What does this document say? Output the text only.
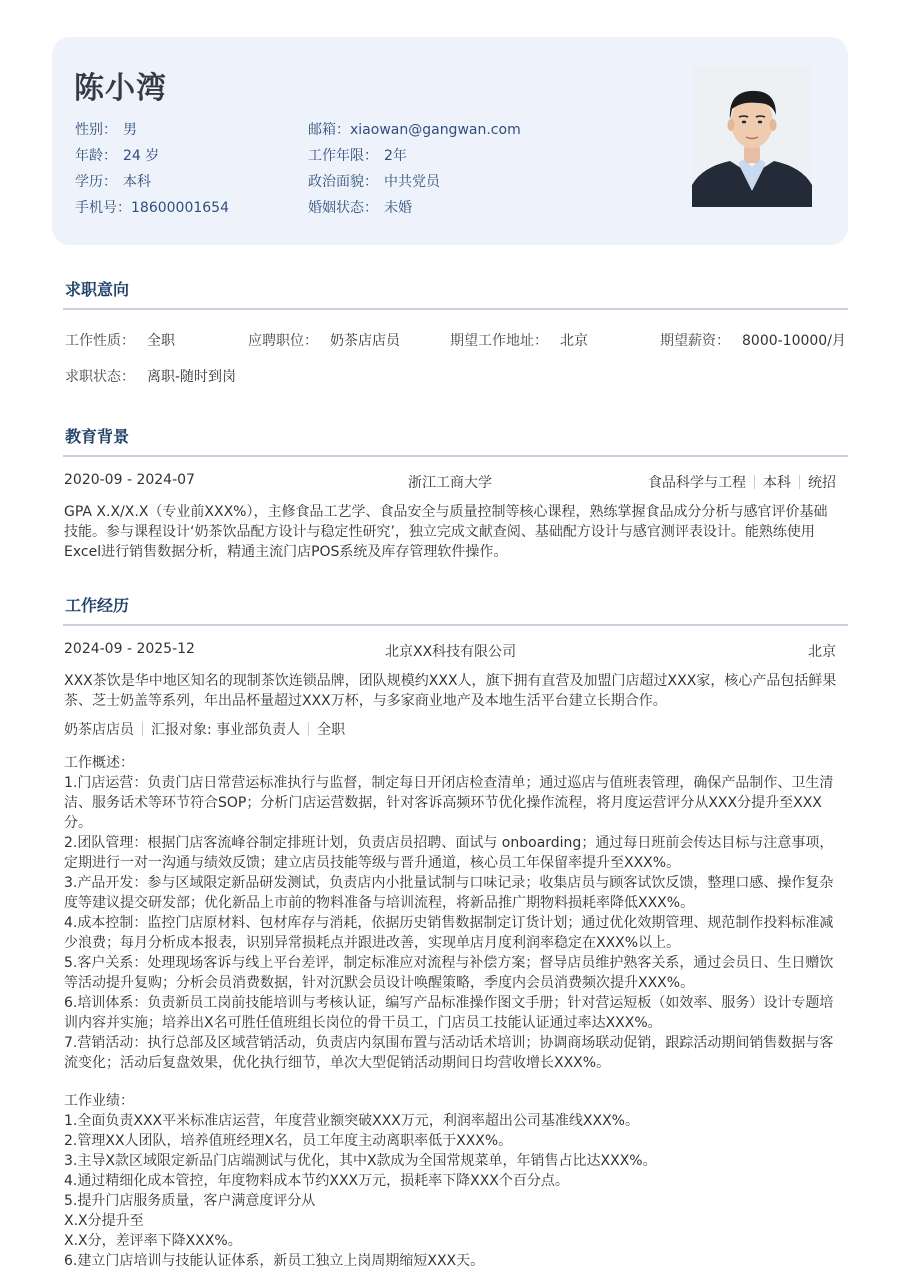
陈小湾
性别： 男
年龄： 24 岁
学历： 本科
手机号：18600001654
邮箱：xiaowan@gangwan.com
工作年限： 2年
政治面貌： 中共党员
婚姻状态： 未婚
求职意向
工作性质： 全职	应聘职位： 奶茶店店员	期望工作地址： 北京	期望薪资： 8000-10000/月
求职状态： 离职-随时到岗
教育背景
2020-09 - 2024-07	浙江工商大学	食品科学与工程 本科 统招
GPA X.X/X.X（专业前XXX%），主修食品工艺学、食品安全与质量控制等核心课程，熟练掌握食品成分分析与感官评价基础
技能。参与课程设计‘奶茶饮品配方设计与稳定性研究’，独立完成文献查阅、基础配方设计与感官测评表设计。能熟练使用
Excel进行销售数据分析，精通主流门店POS系统及库存管理软件操作。
工作经历
2024-09 - 2025-12	北京XX科技有限公司	北京
XXX茶饮是华中地区知名的现制茶饮连锁品牌，团队规模约XXX人，旗下拥有直营及加盟门店超过XXX家，核心产品包括鲜果
茶、芝士奶盖等系列，年出品杯量超过XXX万杯，与多家商业地产及本地生活平台建立长期合作。
奶茶店店员 汇报对象: 事业部负责人 全职
工作概述：
1.门店运营：负责门店日常营运标准执行与监督，制定每日开闭店检查清单；通过巡店与值班表管理，确保产品制作、卫生清
洁、服务话术等环节符合SOP；分析门店运营数据，针对客诉高频环节优化操作流程，将月度运营评分从XXX分提升至XXX
分。
2.团队管理：根据门店客流峰谷制定排班计划，负责店员招聘、面试与 onboarding；通过每日班前会传达目标与注意事项，
定期进行一对一沟通与绩效反馈；建立店员技能等级与晋升通道，核心员工年保留率提升至XXX%。
3.产品开发：参与区域限定新品研发测试，负责店内小批量试制与口味记录；收集店员与顾客试饮反馈，整理口感、操作复杂
度等建议提交研发部；优化新品上市前的物料准备与培训流程，将新品推广期物料损耗率降低XXX%。
4.成本控制：监控门店原材料、包材库存与消耗，依据历史销售数据制定订货计划；通过优化效期管理、规范制作投料标准减
少浪费；每月分析成本报表，识别异常损耗点并跟进改善，实现单店月度利润率稳定在XXX%以上。
5.客户关系：处理现场客诉与线上平台差评，制定标准应对流程与补偿方案；督导店员维护熟客关系，通过会员日、生日赠饮
等活动提升复购；分析会员消费数据，针对沉默会员设计唤醒策略，季度内会员消费频次提升XXX%。
6.培训体系：负责新员工岗前技能培训与考核认证，编写产品标准操作图文手册；针对营运短板（如效率、服务）设计专题培
训内容并实施；培养出X名可胜任值班组长岗位的骨干员工，门店员工技能认证通过率达XXX%。
7.营销活动：执行总部及区域营销活动，负责店内氛围布置与活动话术培训；协调商场联动促销，跟踪活动期间销售数据与客
流变化；活动后复盘效果，优化执行细节，单次大型促销活动期间日均营收增长XXX%。
工作业绩：
1.全面负责XXX平米标准店运营，年度营业额突破XXX万元，利润率超出公司基准线XXX%。
2.管理XX人团队，培养值班经理X名，员工年度主动离职率低于XXX%。
3.主导X款区域限定新品门店端测试与优化，其中X款成为全国常规菜单，年销售占比达XXX%。
4.通过精细化成本管控，年度物料成本节约XXX万元，损耗率下降XXX个百分点。
5.提升门店服务质量，客户满意度评分从
X.X分提升至
X.X分，差评率下降XXX%。
6.建立门店培训与技能认证体系，新员工独立上岗周期缩短XXX天。
